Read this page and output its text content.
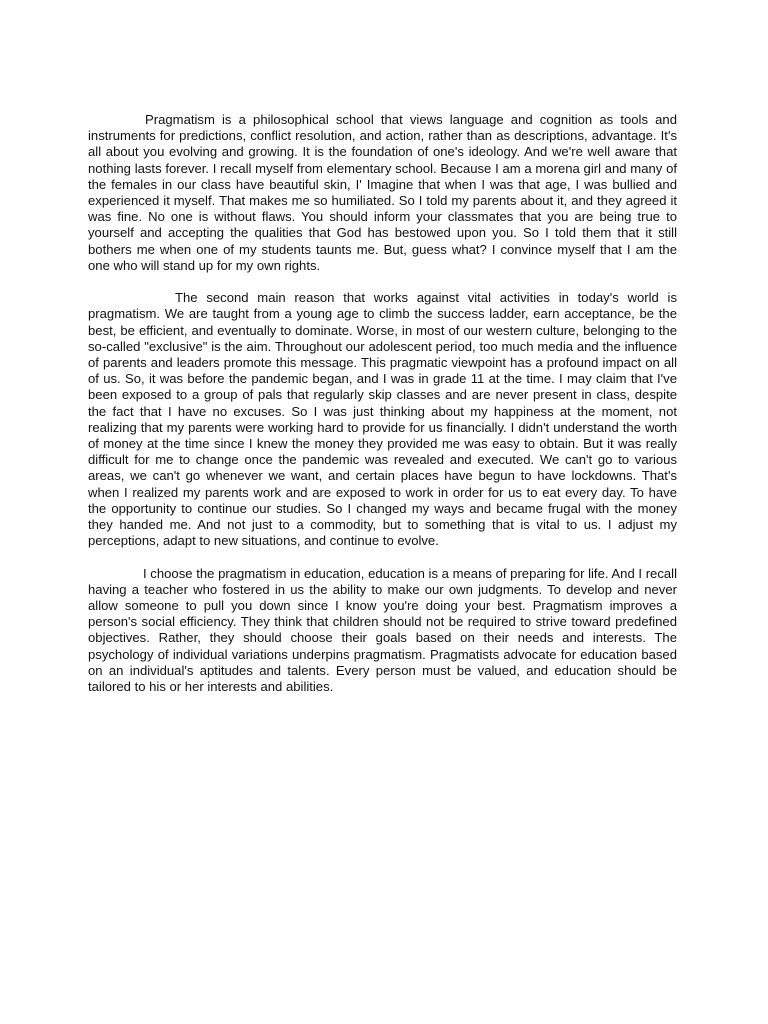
Pragmatism is a philosophical school that views language and cognition as tools and instruments for predictions, conflict resolution, and action, rather than as descriptions, advantage. It's all about you evolving and growing. It is the foundation of one's ideology. And we're well aware that nothing lasts forever. I recall myself from elementary school. Because I am a morena girl and many of the females in our class have beautiful skin, I' Imagine that when I was that age, I was bullied and experienced it myself. That makes me so humiliated. So I told my parents about it, and they agreed it was fine. No one is without flaws. You should inform your classmates that you are being true to yourself and accepting the qualities that God has bestowed upon you. So I told them that it still bothers me when one of my students taunts me. But, guess what? I convince myself that I am the one who will stand up for my own rights.

The second main reason that works against vital activities in today's world is pragmatism. We are taught from a young age to climb the success ladder, earn acceptance, be the best, be efficient, and eventually to dominate. Worse, in most of our western culture, belonging to the so-called "exclusive" is the aim. Throughout our adolescent period, too much media and the influence of parents and leaders promote this message. This pragmatic viewpoint has a profound impact on all of us. So, it was before the pandemic began, and I was in grade 11 at the time. I may claim that I've been exposed to a group of pals that regularly skip classes and are never present in class, despite the fact that I have no excuses. So I was just thinking about my happiness at the moment, not realizing that my parents were working hard to provide for us financially. I didn't understand the worth of money at the time since I knew the money they provided me was easy to obtain. But it was really difficult for me to change once the pandemic was revealed and executed. We can't go to various areas, we can't go whenever we want, and certain places have begun to have lockdowns. That's when I realized my parents work and are exposed to work in order for us to eat every day. To have the opportunity to continue our studies. So I changed my ways and became frugal with the money they handed me. And not just to a commodity, but to something that is vital to us. I adjust my perceptions, adapt to new situations, and continue to evolve.

I choose the pragmatism in education, education is a means of preparing for life. And I recall having a teacher who fostered in us the ability to make our own judgments. To develop and never allow someone to pull you down since I know you're doing your best. Pragmatism improves a person's social efficiency. They think that children should not be required to strive toward predefined objectives. Rather, they should choose their goals based on their needs and interests. The psychology of individual variations underpins pragmatism. Pragmatists advocate for education based on an individual's aptitudes and talents. Every person must be valued, and education should be tailored to his or her interests and abilities.
